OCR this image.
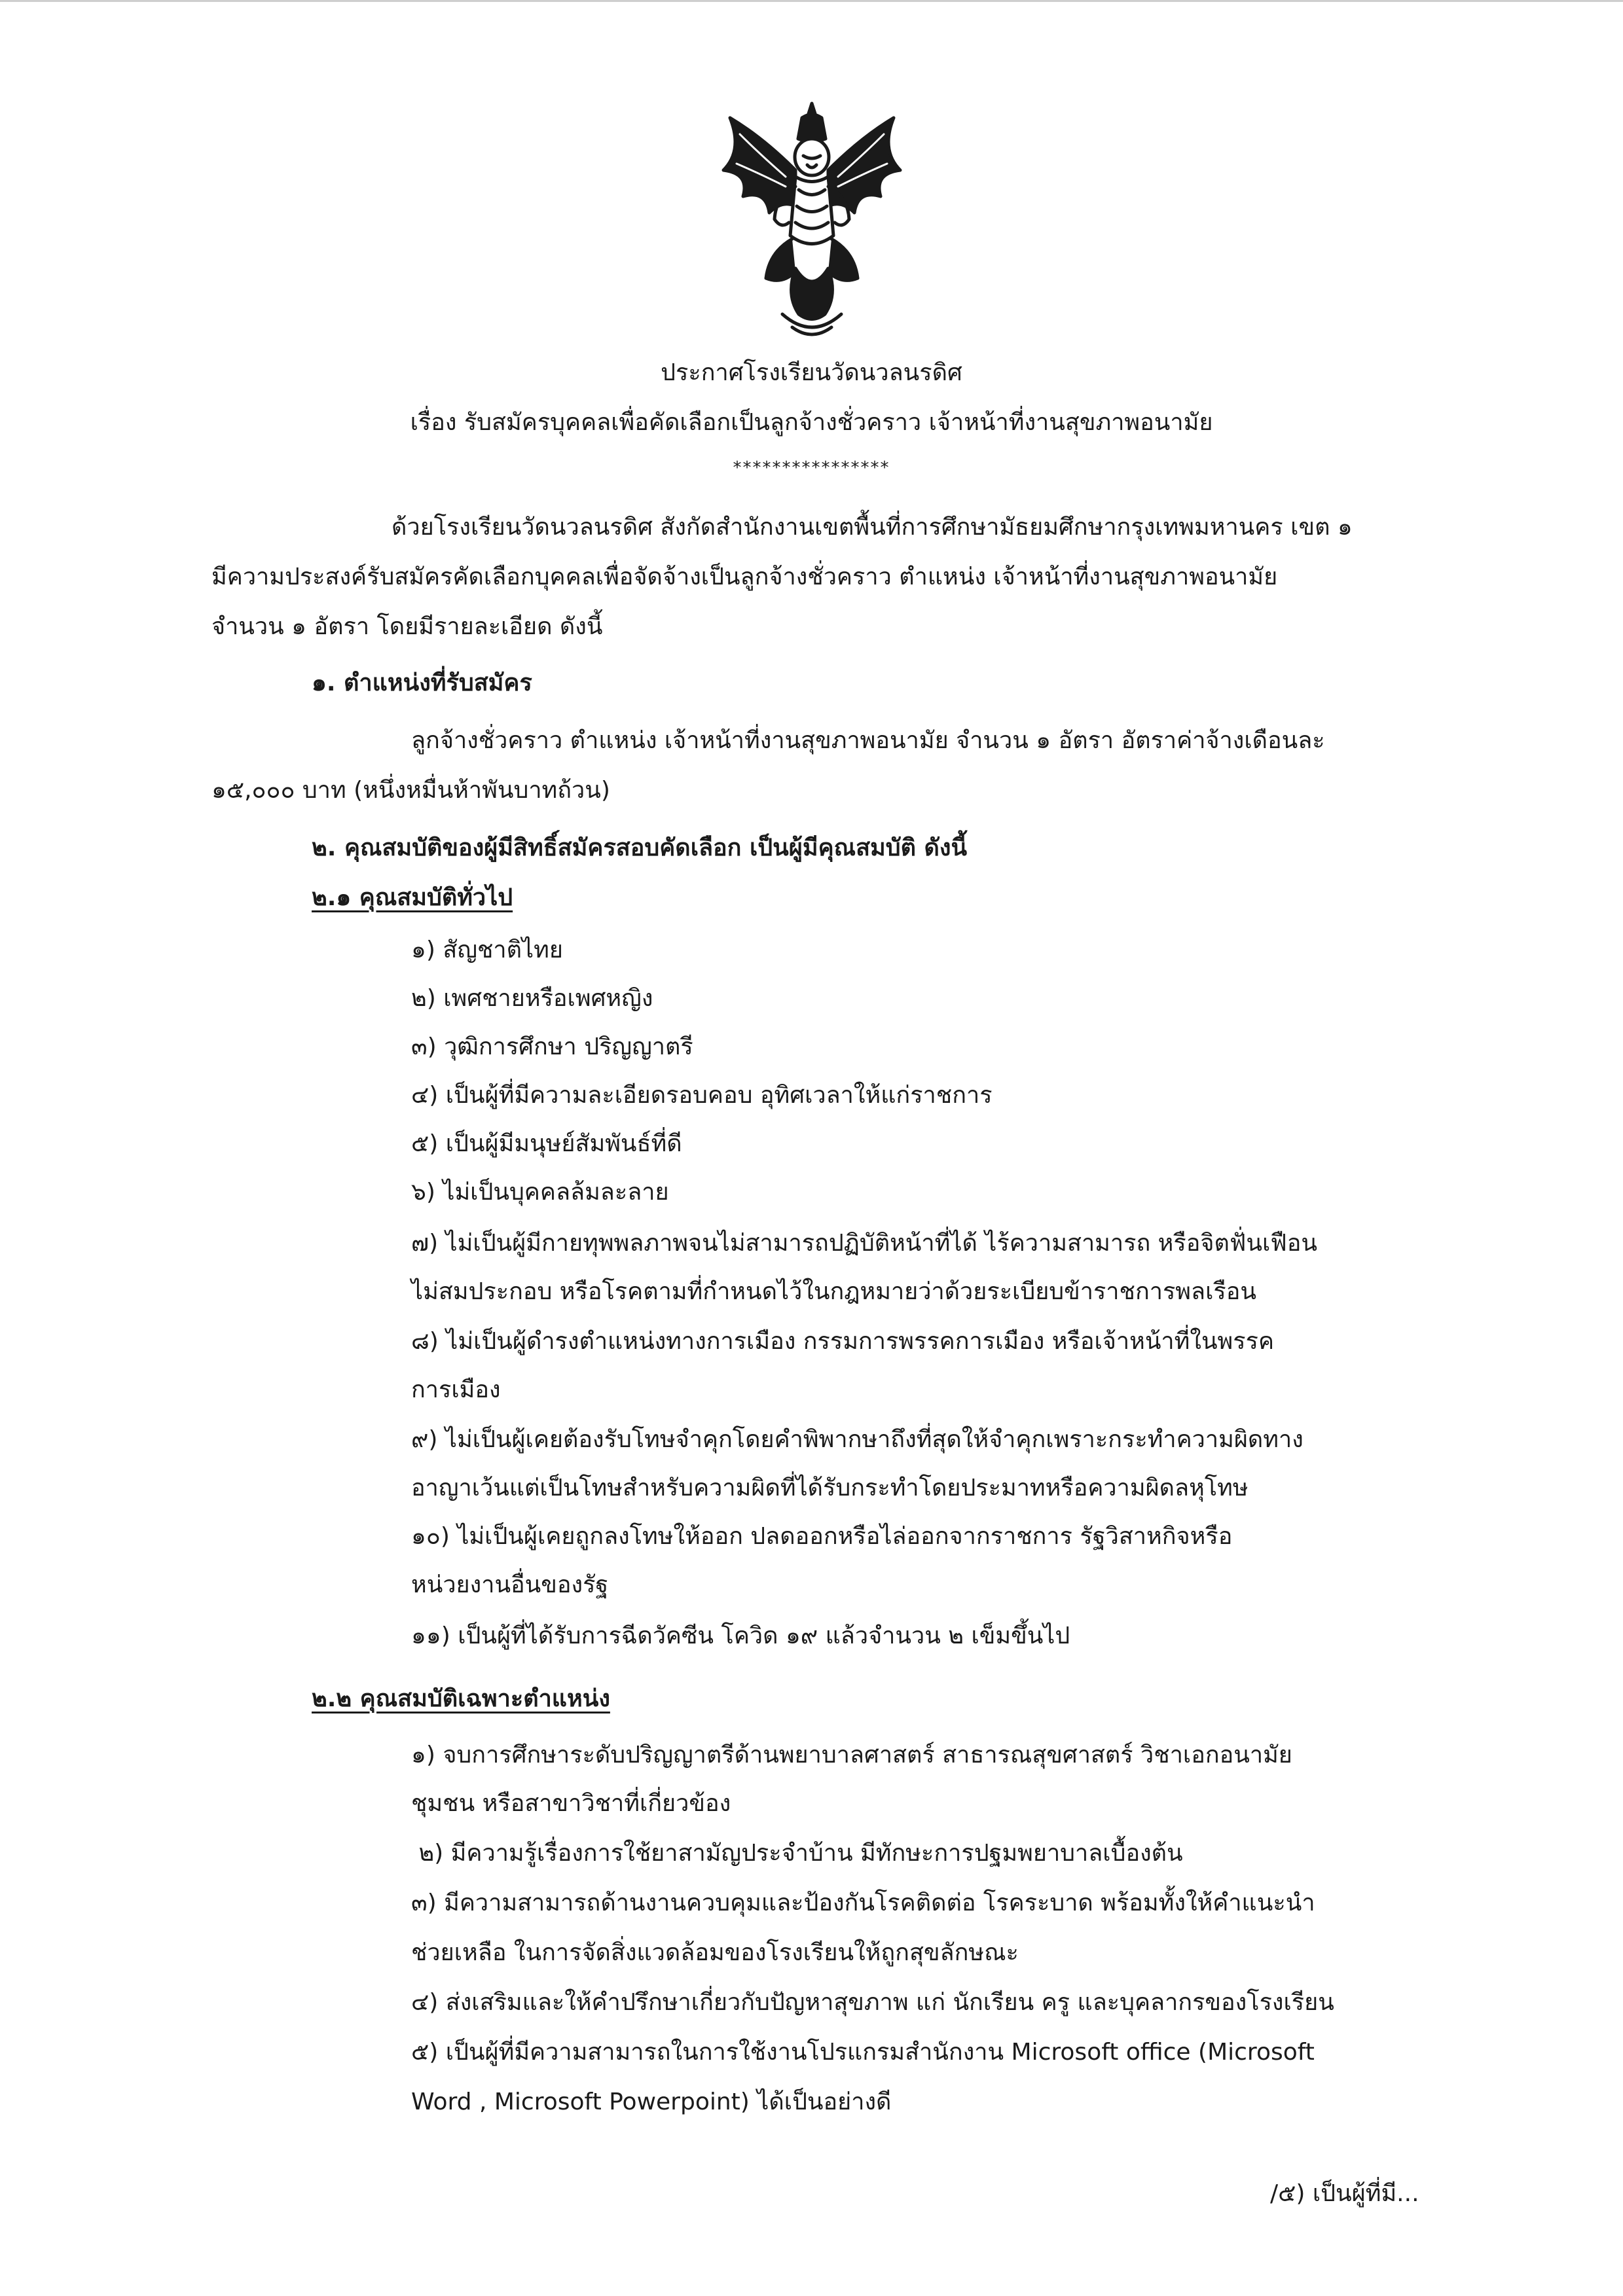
ประกาศโรงเรียนวัดนวลนรดิศ
เรื่อง รับสมัครบุคคลเพื่อคัดเลือกเป็นลูกจ้างชั่วคราว เจ้าหน้าที่งานสุขภาพอนามัย
****************
ด้วยโรงเรียนวัดนวลนรดิศ สังกัดสำนักงานเขตพื้นที่การศึกษามัธยมศึกษากรุงเทพมหานคร เขต ๑
มีความประสงค์รับสมัครคัดเลือกบุคคลเพื่อจัดจ้างเป็นลูกจ้างชั่วคราว ตำแหน่ง เจ้าหน้าที่งานสุขภาพอนามัย
จำนวน ๑ อัตรา โดยมีรายละเอียด ดังนี้
๑. ตำแหน่งที่รับสมัคร
ลูกจ้างชั่วคราว ตำแหน่ง เจ้าหน้าที่งานสุขภาพอนามัย จำนวน ๑ อัตรา อัตราค่าจ้างเดือนละ
๑๕,๐๐๐ บาท (หนึ่งหมื่นห้าพันบาทถ้วน)
๒. คุณสมบัติของผู้มีสิทธิ์สมัครสอบคัดเลือก เป็นผู้มีคุณสมบัติ ดังนี้
๒.๑ คุณสมบัติทั่วไป
๑) สัญชาติไทย
๒) เพศชายหรือเพศหญิง
๓) วุฒิการศึกษา ปริญญาตรี
๔) เป็นผู้ที่มีความละเอียดรอบคอบ อุทิศเวลาให้แก่ราชการ
๕) เป็นผู้มีมนุษย์สัมพันธ์ที่ดี
๖) ไม่เป็นบุคคลล้มละลาย
๗) ไม่เป็นผู้มีกายทุพพลภาพจนไม่สามารถปฏิบัติหน้าที่ได้ ไร้ความสามารถ หรือจิตฟั่นเฟือน
ไม่สมประกอบ หรือโรคตามที่กำหนดไว้ในกฎหมายว่าด้วยระเบียบข้าราชการพลเรือน
๘) ไม่เป็นผู้ดำรงตำแหน่งทางการเมือง กรรมการพรรคการเมือง หรือเจ้าหน้าที่ในพรรค
การเมือง
๙) ไม่เป็นผู้เคยต้องรับโทษจำคุกโดยคำพิพากษาถึงที่สุดให้จำคุกเพราะกระทำความผิดทาง
อาญาเว้นแต่เป็นโทษสำหรับความผิดที่ได้รับกระทำโดยประมาทหรือความผิดลหุโทษ
๑๐) ไม่เป็นผู้เคยถูกลงโทษให้ออก ปลดออกหรือไล่ออกจากราชการ รัฐวิสาหกิจหรือ
หน่วยงานอื่นของรัฐ
๑๑) เป็นผู้ที่ได้รับการฉีดวัคซีน โควิด ๑๙ แล้วจำนวน ๒ เข็มขึ้นไป
๒.๒ คุณสมบัติเฉพาะตำแหน่ง
๑) จบการศึกษาระดับปริญญาตรีด้านพยาบาลศาสตร์ สาธารณสุขศาสตร์ วิชาเอกอนามัย
ชุมชน หรือสาขาวิชาที่เกี่ยวข้อง
๒) มีความรู้เรื่องการใช้ยาสามัญประจำบ้าน มีทักษะการปฐมพยาบาลเบื้องต้น
๓) มีความสามารถด้านงานควบคุมและป้องกันโรคติดต่อ โรคระบาด พร้อมทั้งให้คำแนะนำ
ช่วยเหลือ ในการจัดสิ่งแวดล้อมของโรงเรียนให้ถูกสุขลักษณะ
๔) ส่งเสริมและให้คำปรึกษาเกี่ยวกับปัญหาสุขภาพ แก่ นักเรียน ครู และบุคลากรของโรงเรียน
๕) เป็นผู้ที่มีความสามารถในการใช้งานโปรแกรมสำนักงาน Microsoft office (Microsoft
Word , Microsoft Powerpoint) ได้เป็นอย่างดี
/๕) เป็นผู้ที่มี...
